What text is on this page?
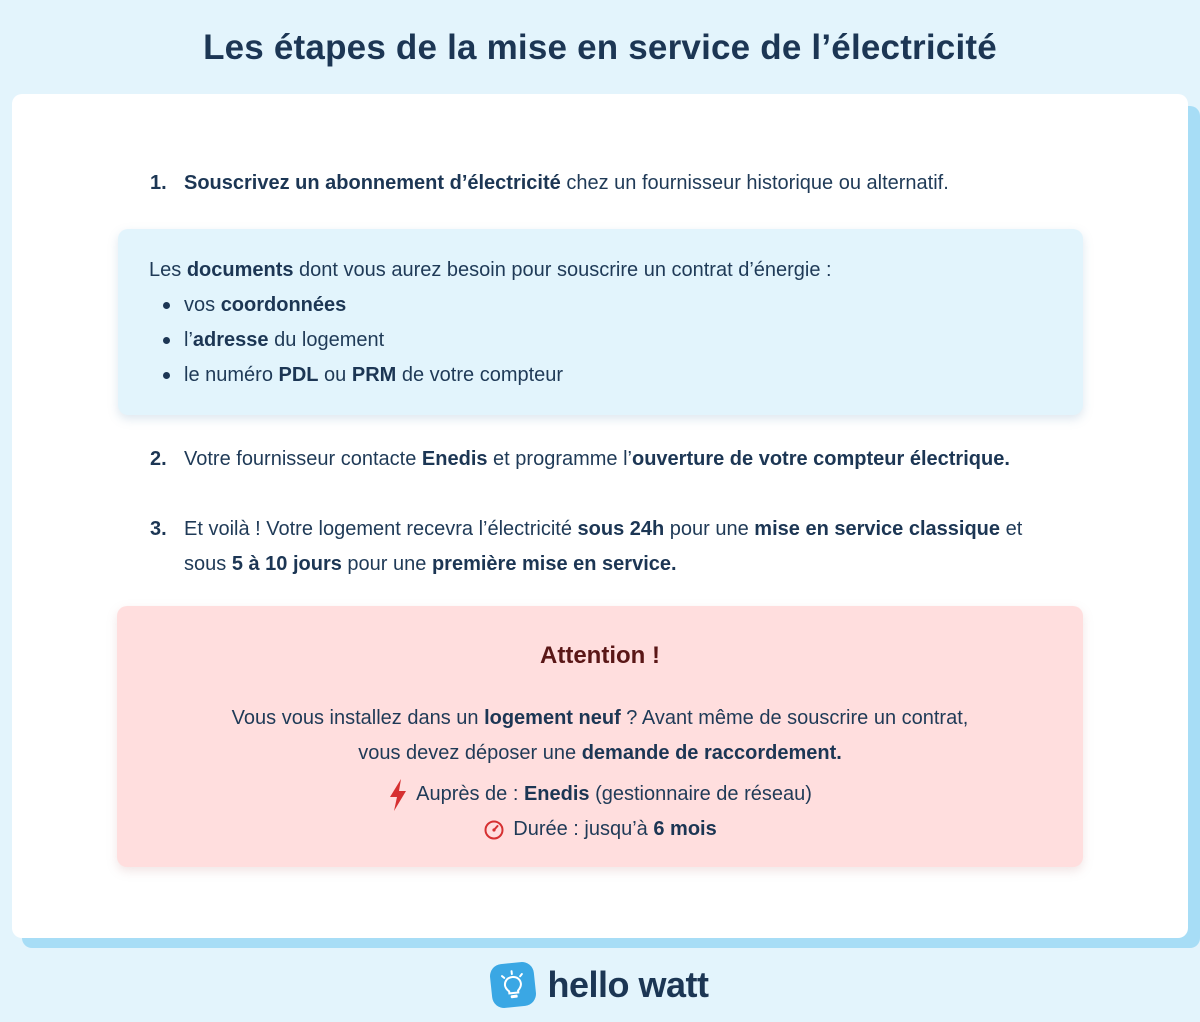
Les étapes de la mise en service de l’électricité
1. Souscrivez un abonnement d’électricité chez un fournisseur historique ou alternatif.
Les documents dont vous aurez besoin pour souscrire un contrat d’énergie :
vos coordonnées
l’adresse du logement
le numéro PDL ou PRM de votre compteur
2. Votre fournisseur contacte Enedis et programme l’ouverture de votre compteur électrique.
3. Et voilà ! Votre logement recevra l’électricité sous 24h pour une mise en service classique et sous 5 à 10 jours pour une première mise en service.
Attention !
Vous vous installez dans un logement neuf ? Avant même de souscrire un contrat,
vous devez déposer une demande de raccordement.
Auprès de : Enedis (gestionnaire de réseau)
Durée : jusqu’à 6 mois
hello watt
